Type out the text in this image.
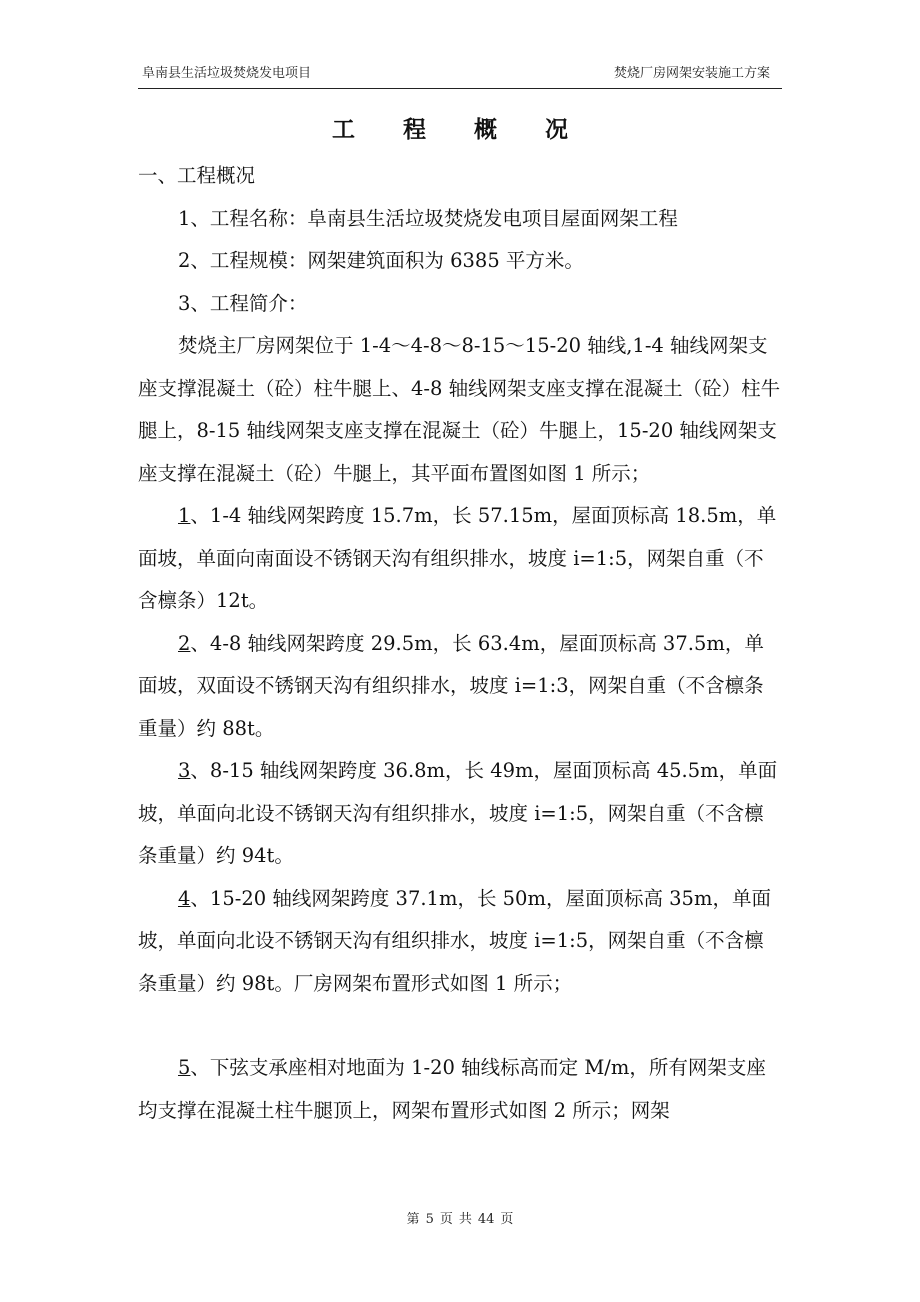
阜南县生活垃圾焚烧发电项目	焚烧厂房网架安装施工方案
工 程 概 况

一、工程概况

1、工程名称：阜南县生活垃圾焚烧发电项目屋面网架工程

2、工程规模：网架建筑面积为 6385 平方米。

3、工程简介：

焚烧主厂房网架位于 1-4～4-8～8-15～15-20 轴线,1-4 轴线网架支座支撑混凝土（砼）柱牛腿上、4-8 轴线网架支座支撑在混凝土（砼）柱牛腿上，8-15 轴线网架支座支撑在混凝土（砼）牛腿上，15-20 轴线网架支座支撑在混凝土（砼）牛腿上，其平面布置图如图 1 所示；

1、1-4 轴线网架跨度 15.7m，长 57.15m，屋面顶标高 18.5m，单面坡，单面向南面设不锈钢天沟有组织排水，坡度 i=1:5，网架自重（不含檩条）12t。

2、4-8 轴线网架跨度 29.5m，长 63.4m，屋面顶标高 37.5m，单面坡，双面设不锈钢天沟有组织排水，坡度 i=1:3，网架自重（不含檩条重量）约 88t。

3、8-15 轴线网架跨度 36.8m，长 49m，屋面顶标高 45.5m，单面坡，单面向北设不锈钢天沟有组织排水，坡度 i=1:5，网架自重（不含檩条重量）约 94t。

4、15-20 轴线网架跨度 37.1m，长 50m，屋面顶标高 35m，单面坡，单面向北设不锈钢天沟有组织排水，坡度 i=1:5，网架自重（不含檩条重量）约 98t。厂房网架布置形式如图 1 所示；

5、下弦支承座相对地面为 1-20 轴线标高而定 M/m，所有网架支座均支撑在混凝土柱牛腿顶上，网架布置形式如图 2 所示；网架

第 5 页 共 44 页
